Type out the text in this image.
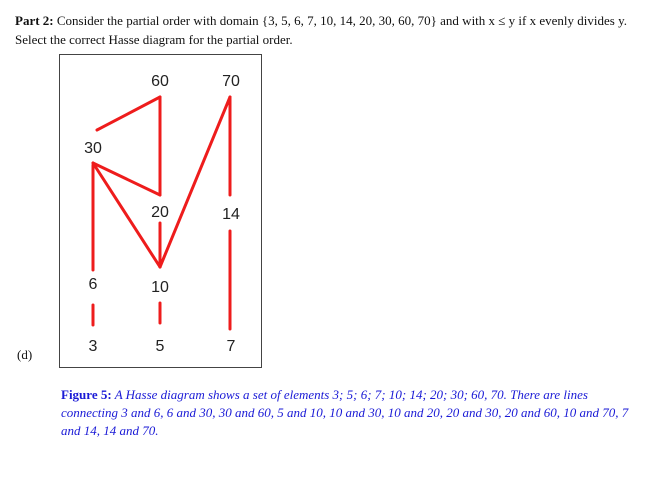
Part 2: Consider the partial order with domain {3, 5, 6, 7, 10, 14, 20, 30, 60, 70} and with x ≤ y if x evenly divides y. Select the correct Hasse diagram for the partial order.
(d)
60	70
30
20	14
6	10
3	5	7
Figure 5: A Hasse diagram shows a set of elements 3; 5; 6; 7; 10; 14; 20; 30; 60, 70. There are lines connecting 3 and 6, 6 and 30, 30 and 60, 5 and 10, 10 and 30, 10 and 20, 20 and 30, 20 and 60, 10 and 70, 7 and 14, 14 and 70.
